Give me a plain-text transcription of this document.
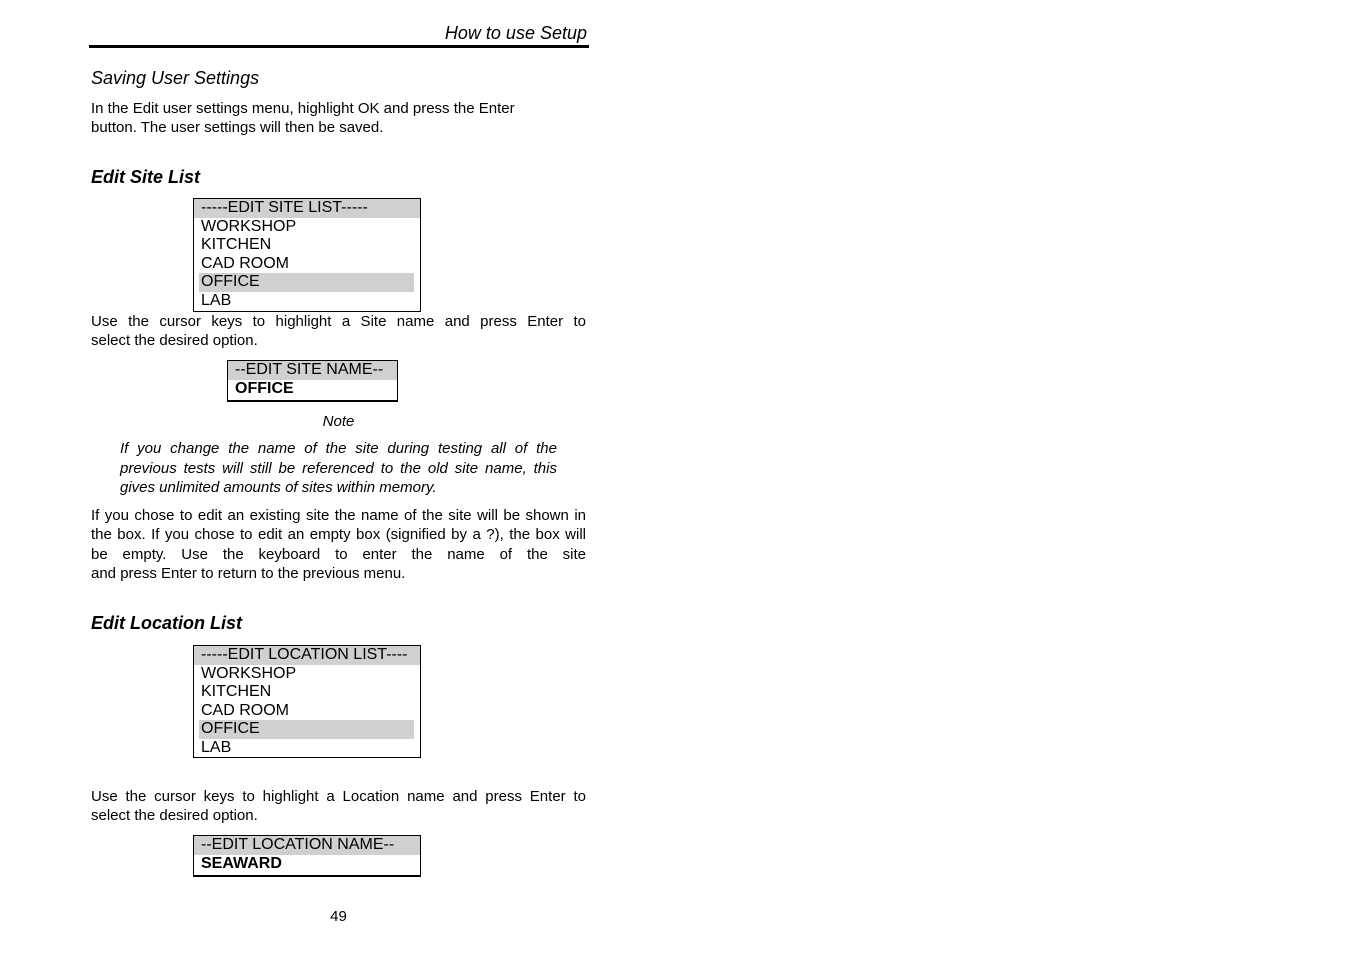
How to use Setup
Saving User Settings

In the Edit user settings menu, highlight OK and press the Enter button. The user settings will then be saved.

Edit Site List
-----EDIT SITE LIST-----
WORKSHOP
KITCHEN
CAD ROOM
OFFICE
LAB

Use the cursor keys to highlight a Site name and press Enter to
select the desired option.

--EDIT SITE NAME--
OFFICE
Note
If you change the name of the site during testing all of the previous tests will still be referenced to the old site name, this gives unlimited amounts of sites within memory.

If you chose to edit an existing site the name of the site will be shown in the box. If you chose to edit an empty box (signified by a ?), the box will be empty. Use the keyboard to enter the name of the site
and press Enter to return to the previous menu.

Edit Location List
-----EDIT LOCATION LIST----
WORKSHOP
KITCHEN
CAD ROOM
OFFICE
LAB

Use the cursor keys to highlight a Location name and press Enter to
select the desired option.

--EDIT LOCATION NAME--
SEAWARD
49
